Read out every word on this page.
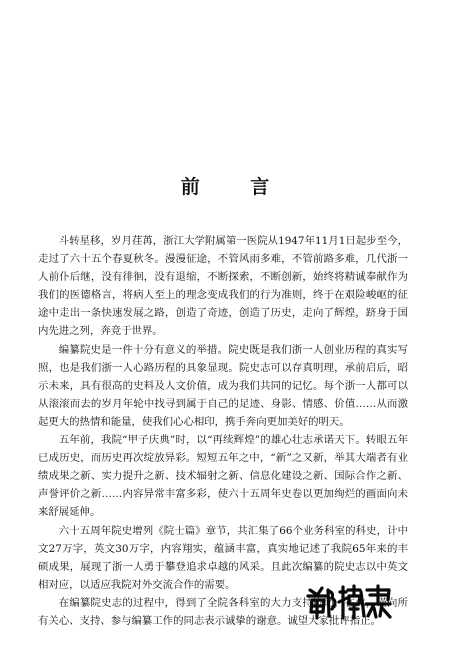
前 言

斗转星移，岁月荏苒，浙江大学附属第一医院从1947年11月1日起步至今，走过了六十五个春夏秋冬。漫漫征途，不管风雨多难，不管前路多难，几代浙一人前仆后继，没有徘徊，没有退缩，不断探索，不断创新，始终将精诚奉献作为我们的医德格言，将病人至上的理念变成我们的行为准则，终于在艰险峻岖的征途中走出一条快速发展之路，创造了奇迹，创造了历史，走向了辉煌，跻身于国内先进之列，奔竞于世界。

编纂院史是一件十分有意义的举措。院史既是我们浙一人创业历程的真实写照，也是我们浙一人心路历程的具象显现。院史志可以存真明理，承前启后，昭示未来，具有很高的史料及人文价值，成为我们共同的记忆。每个浙一人都可以从滚滚而去的岁月年轮中找寻到属于自己的足迹、身影、情感、价值……从而激起更大的热情和能量，使我们心心相印，携手奔向更加美好的明天。

五年前，我院“甲子庆典”时，以“再续辉煌”的雄心壮志承诺天下。转眼五年已成历史，而历史再次绽放异彩。短短五年之中，“新”之又新，举其大端者有业绩成果之新、实力提升之新、技术辐射之新、信息化建设之新、国际合作之新、声誉评价之新……内容异常丰富多彩，使六十五周年史卷以更加绚烂的画面向未来舒展延伸。

六十五周年院史增列《院士篇》章节，共汇集了66个业务科室的科史，计中文27万字，英文30万字，内容翔实，蕴涵丰富，真实地记述了我院65年来的丰硕成果，展现了浙一人勇于攀登追求卓越的风采。且此次编纂的院史志以中英文相对应，以适应我院对外交流合作的需要。

在编纂院史志的过程中，得到了全院各科室的大力支持协助，在此，谨向所有关心、支持、参与编纂工作的同志表示诚挚的谢意。诚望大家批评指正。
